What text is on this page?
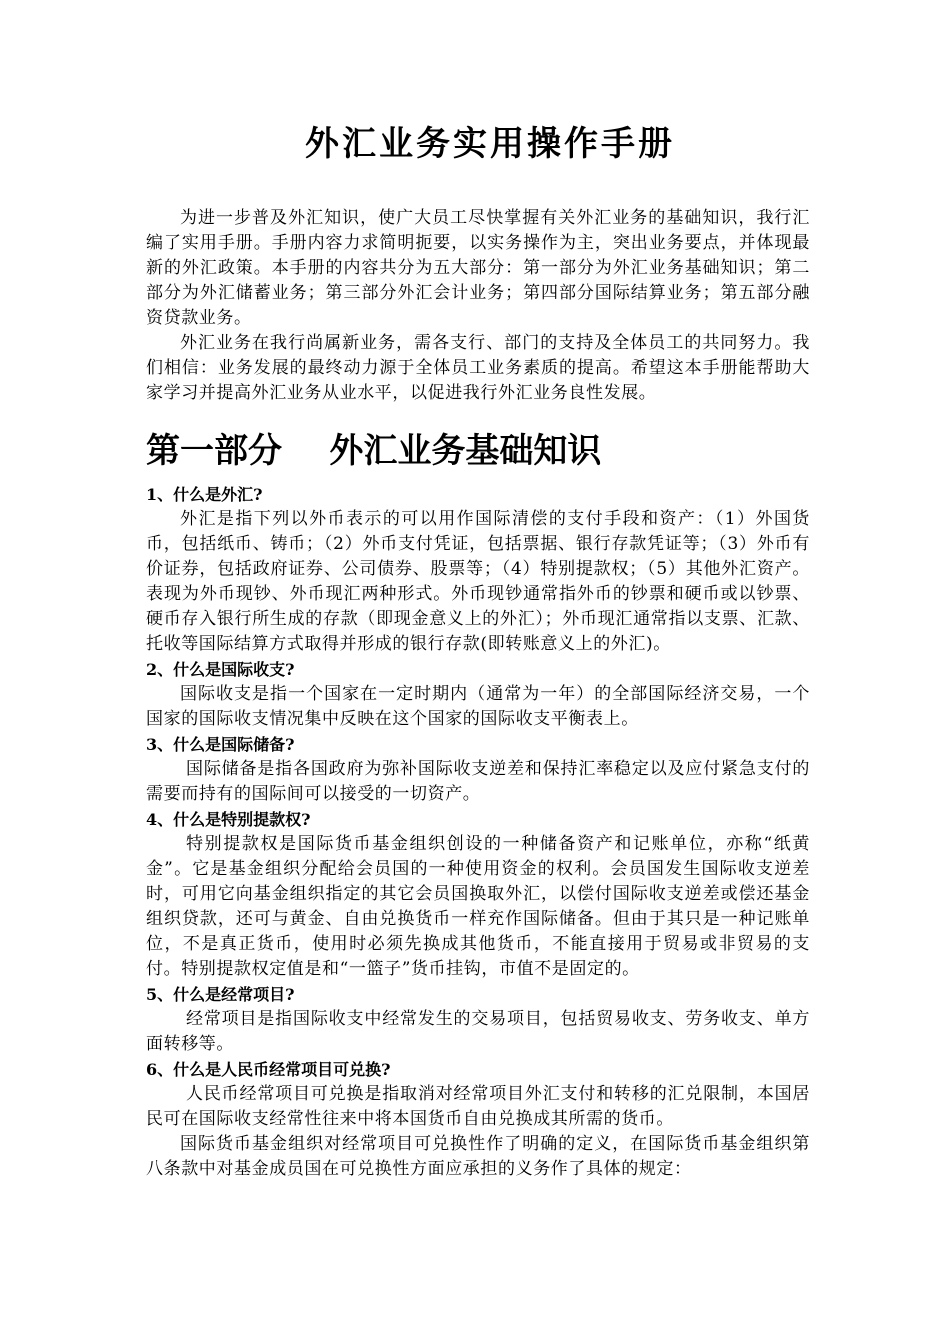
外汇业务实用操作手册

为进一步普及外汇知识，使广大员工尽快掌握有关外汇业务的基础知识，我行汇编了实用手册。手册内容力求简明扼要，以实务操作为主，突出业务要点，并体现最新的外汇政策。本手册的内容共分为五大部分：第一部分为外汇业务基础知识；第二部分为外汇储蓄业务；第三部分外汇会计业务；第四部分国际结算业务；第五部分融资贷款业务。

外汇业务在我行尚属新业务，需各支行、部门的支持及全体员工的共同努力。我们相信：业务发展的最终动力源于全体员工业务素质的提高。希望这本手册能帮助大家学习并提高外汇业务从业水平，以促进我行外汇业务良性发展。

第一部分    外汇业务基础知识

1、什么是外汇?

外汇是指下列以外币表示的可以用作国际清偿的支付手段和资产：（1）外国货币，包括纸币、铸币；（2）外币支付凭证，包括票据、银行存款凭证等；（3）外币有价证券，包括政府证券、公司债券、股票等；（4）特别提款权；（5）其他外汇资产。表现为外币现钞、外币现汇两种形式。外币现钞通常指外币的钞票和硬币或以钞票、硬币存入银行所生成的存款（即现金意义上的外汇）；外币现汇通常指以支票、汇款、托收等国际结算方式取得并形成的银行存款(即转账意义上的外汇)。

2、什么是国际收支?

国际收支是指一个国家在一定时期内（通常为一年）的全部国际经济交易，一个国家的国际收支情况集中反映在这个国家的国际收支平衡表上。

3、什么是国际储备?

国际储备是指各国政府为弥补国际收支逆差和保持汇率稳定以及应付紧急支付的需要而持有的国际间可以接受的一切资产。

4、什么是特别提款权?

特别提款权是国际货币基金组织创设的一种储备资产和记账单位，亦称“纸黄金”。它是基金组织分配给会员国的一种使用资金的权利。会员国发生国际收支逆差时，可用它向基金组织指定的其它会员国换取外汇，以偿付国际收支逆差或偿还基金组织贷款，还可与黄金、自由兑换货币一样充作国际储备。但由于其只是一种记账单位，不是真正货币，使用时必须先换成其他货币，不能直接用于贸易或非贸易的支付。特别提款权定值是和“一篮子”货币挂钩，市值不是固定的。

5、什么是经常项目?

经常项目是指国际收支中经常发生的交易项目，包括贸易收支、劳务收支、单方面转移等。

6、什么是人民币经常项目可兑换?

人民币经常项目可兑换是指取消对经常项目外汇支付和转移的汇兑限制，本国居民可在国际收支经常性往来中将本国货币自由兑换成其所需的货币。

国际货币基金组织对经常项目可兑换性作了明确的定义，在国际货币基金组织第八条款中对基金成员国在可兑换性方面应承担的义务作了具体的规定：
